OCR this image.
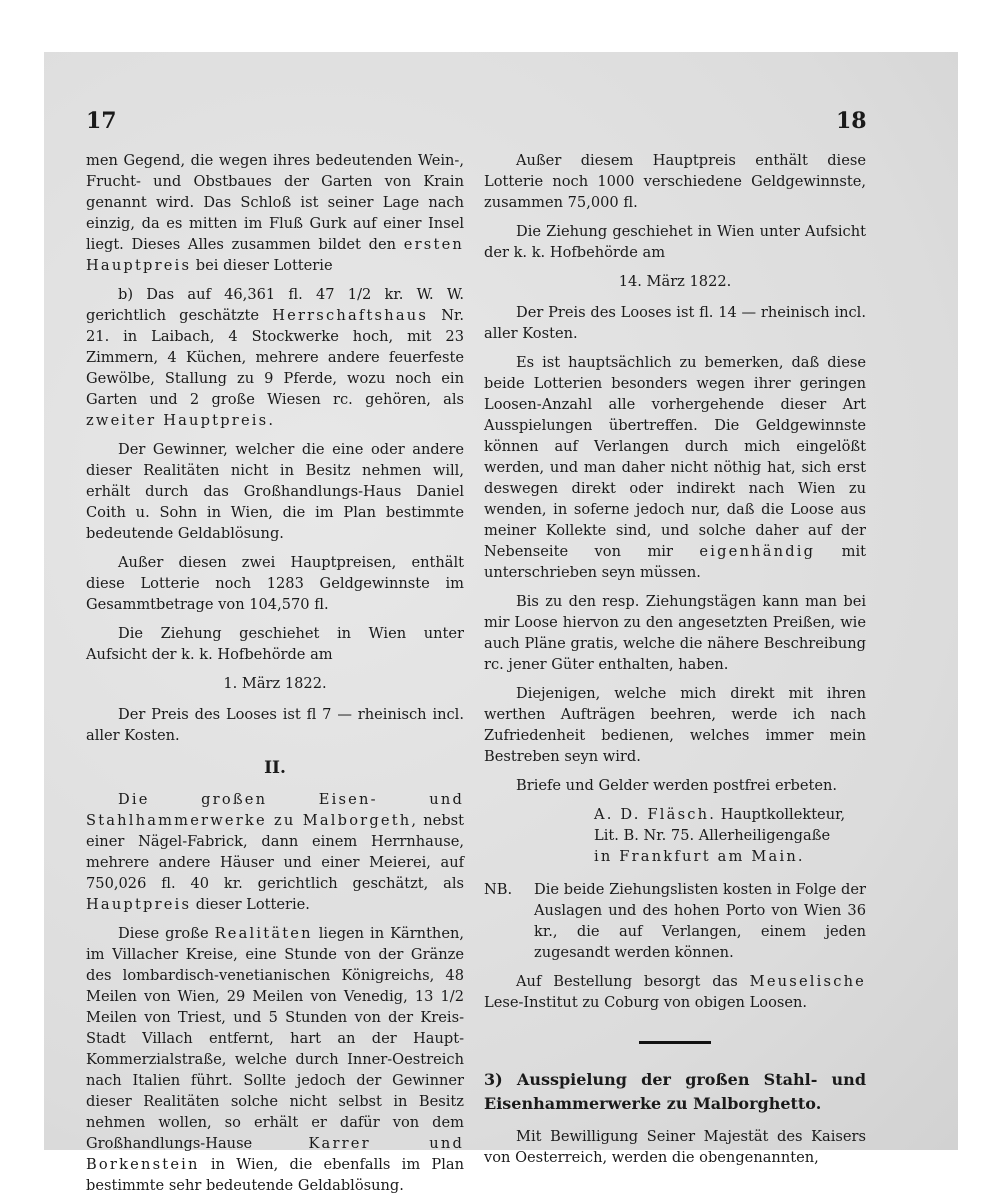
17	18

men Gegend, die wegen ihres bedeutenden Wein-, Frucht- und Obstbaues der Garten von Krain genannt wird. Das Schloß ist seiner Lage nach einzig, da es mitten im Fluß Gurk auf einer Insel liegt. Dieses Alles zusammen bildet den ersten Hauptpreis bei dieser Lotterie

b) Das auf 46,361 fl. 47 1/2 kr. W. W. gerichtlich geschätzte Herrschaftshaus Nr. 21. in Laibach, 4 Stockwerke hoch, mit 23 Zimmern, 4 Küchen, mehrere andere feuerfeste Gewölbe, Stallung zu 9 Pferde, wozu noch ein Garten und 2 große Wiesen rc. gehören, als zweiter Hauptpreis.

Der Gewinner, welcher die eine oder andere dieser Realitäten nicht in Besitz nehmen will, erhält durch das Großhandlungs-Haus Daniel Coith u. Sohn in Wien, die im Plan bestimmte bedeutende Geldablösung.

Außer diesen zwei Hauptpreisen, enthält diese Lotterie noch 1283 Geldgewinnste im Gesammtbetrage von 104,570 fl.

Die Ziehung geschiehet in Wien unter Aufsicht der k. k. Hofbehörde am

1. März 1822.

Der Preis des Looses ist fl 7 — rheinisch incl. aller Kosten.

II.

Die großen Eisen- und Stahlhammerwerke zu Malborgeth, nebst einer Nägel-Fabrick, dann einem Herrnhause, mehrere andere Häuser und einer Meierei, auf 750,026 fl. 40 kr. gerichtlich geschätzt, als Hauptpreis dieser Lotterie.

Diese große Realitäten liegen in Kärnthen, im Villacher Kreise, eine Stunde von der Gränze des lombardisch-venetianischen Königreichs, 48 Meilen von Wien, 29 Meilen von Venedig, 13 1/2 Meilen von Triest, und 5 Stunden von der Kreis-Stadt Villach entfernt, hart an der Haupt- Kommerzialstraße, welche durch Inner-Oestreich nach Italien führt. Sollte jedoch der Gewinner dieser Realitäten solche nicht selbst in Besitz nehmen wollen, so erhält er dafür von dem Großhandlungs-Hause	Karrer und Borkenstein in Wien, die ebenfalls im Plan bestimmte sehr bedeutende Geldablösung.

Außer diesem Hauptpreis enthält diese Lotterie noch 1000 verschiedene Geldgewinnste, zusammen 75,000 fl.

Die Ziehung geschiehet in Wien unter Aufsicht der k. k. Hofbehörde am

14. März 1822.

Der Preis des Looses ist fl. 14 — rheinisch incl. aller Kosten.

Es ist hauptsächlich zu bemerken, daß diese beide Lotterien besonders wegen ihrer geringen Loosen-Anzahl alle vorhergehende dieser Art Ausspielungen übertreffen. Die Geldgewinnste können auf Verlangen durch mich eingelößt werden, und man daher nicht nöthig hat, sich erst deswegen direkt oder indirekt nach Wien zu wenden, in soferne jedoch nur, daß die Loose aus meiner Kollekte sind, und solche daher auf der Nebenseite von mir eigenhändig mit unterschrieben seyn müssen.

Bis zu den resp. Ziehungstägen kann man bei mir Loose hiervon zu den angesetzten Preißen, wie auch Pläne gratis, welche die nähere Beschreibung rc. jener Güter enthalten, haben.

Diejenigen, welche mich direkt mit ihren werthen Aufträgen beehren, werde ich nach Zufriedenheit bedienen, welches immer mein Bestreben seyn wird.

Briefe und Gelder werden postfrei erbeten.

A. D. Fläsch. Hauptkollekteur,
Lit. B. Nr. 75. Allerheiligengaße
in Frankfurt am Main.

NB.	Die beide Ziehungslisten kosten in Folge der Auslagen und des hohen Porto von Wien 36 kr., die auf Verlangen, einem jeden zugesandt werden können.

Auf Bestellung besorgt das Meuselische Lese-Institut zu Coburg von obigen Loosen.

3) Ausspielung der großen Stahl- und Eisenhammerwerke zu Malborghetto.

Mit Bewilligung Seiner Majestät des Kaisers von Oesterreich, werden die obengenannten,
